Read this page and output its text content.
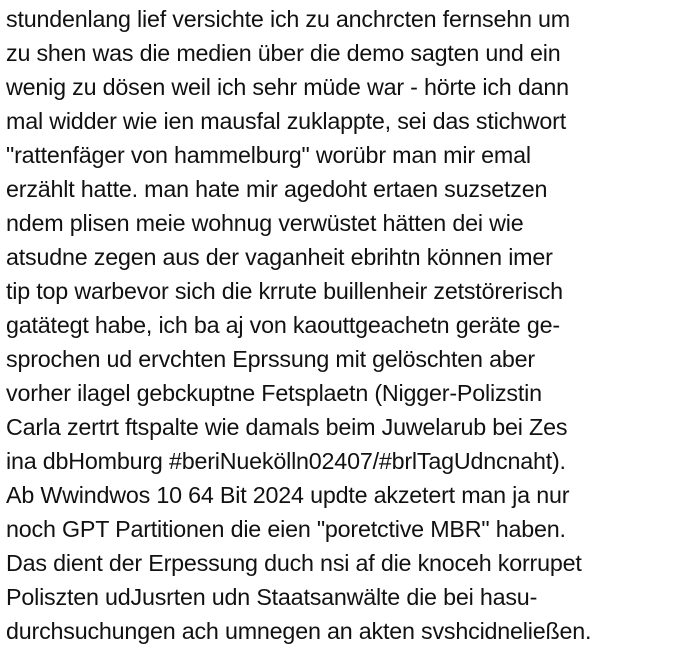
stundenlang lief versichte ich zu anchrcten fernsehn um
zu shen was die medien über die demo sagten und ein
wenig zu dösen weil ich sehr müde war - hörte ich dann
mal widder wie ien mausfal zuklappte, sei das stichwort
"rattenfäger von hammelburg" worübr man mir emal
erzählt hatte. man hate mir agedoht ertaen suzsetzen
ndem plisen meie wohnug verwüstet hätten dei wie
atsudne zegen aus der vaganheit ebrihtn können imer
tip top warbevor sich die krrute buillenheir zetstörerisch
gatätegt habe, ich ba aj von kaouttgeachetn geräte ge-
sprochen ud ervchten Eprssung mit gelöschten aber
vorher ilagel gebckuptne Fetsplaetn (Nigger-Polizstin
Carla zertrt ftspalte wie damals beim Juwelarub bei Zes
ina dbHomburg #beriNuekölln02407/#brlTagUdncnaht).
Ab Wwindwos 10 64 Bit 2024 updte akzetert man ja nur
noch GPT Partitionen die eien "poretctive MBR" haben.
Das dient der Erpessung duch nsi af die knoceh korrupet
Poliszten udJusrten udn Staatsanwälte die bei hasu-
durchsuchungen ach umnegen an akten svshcidneließen.
